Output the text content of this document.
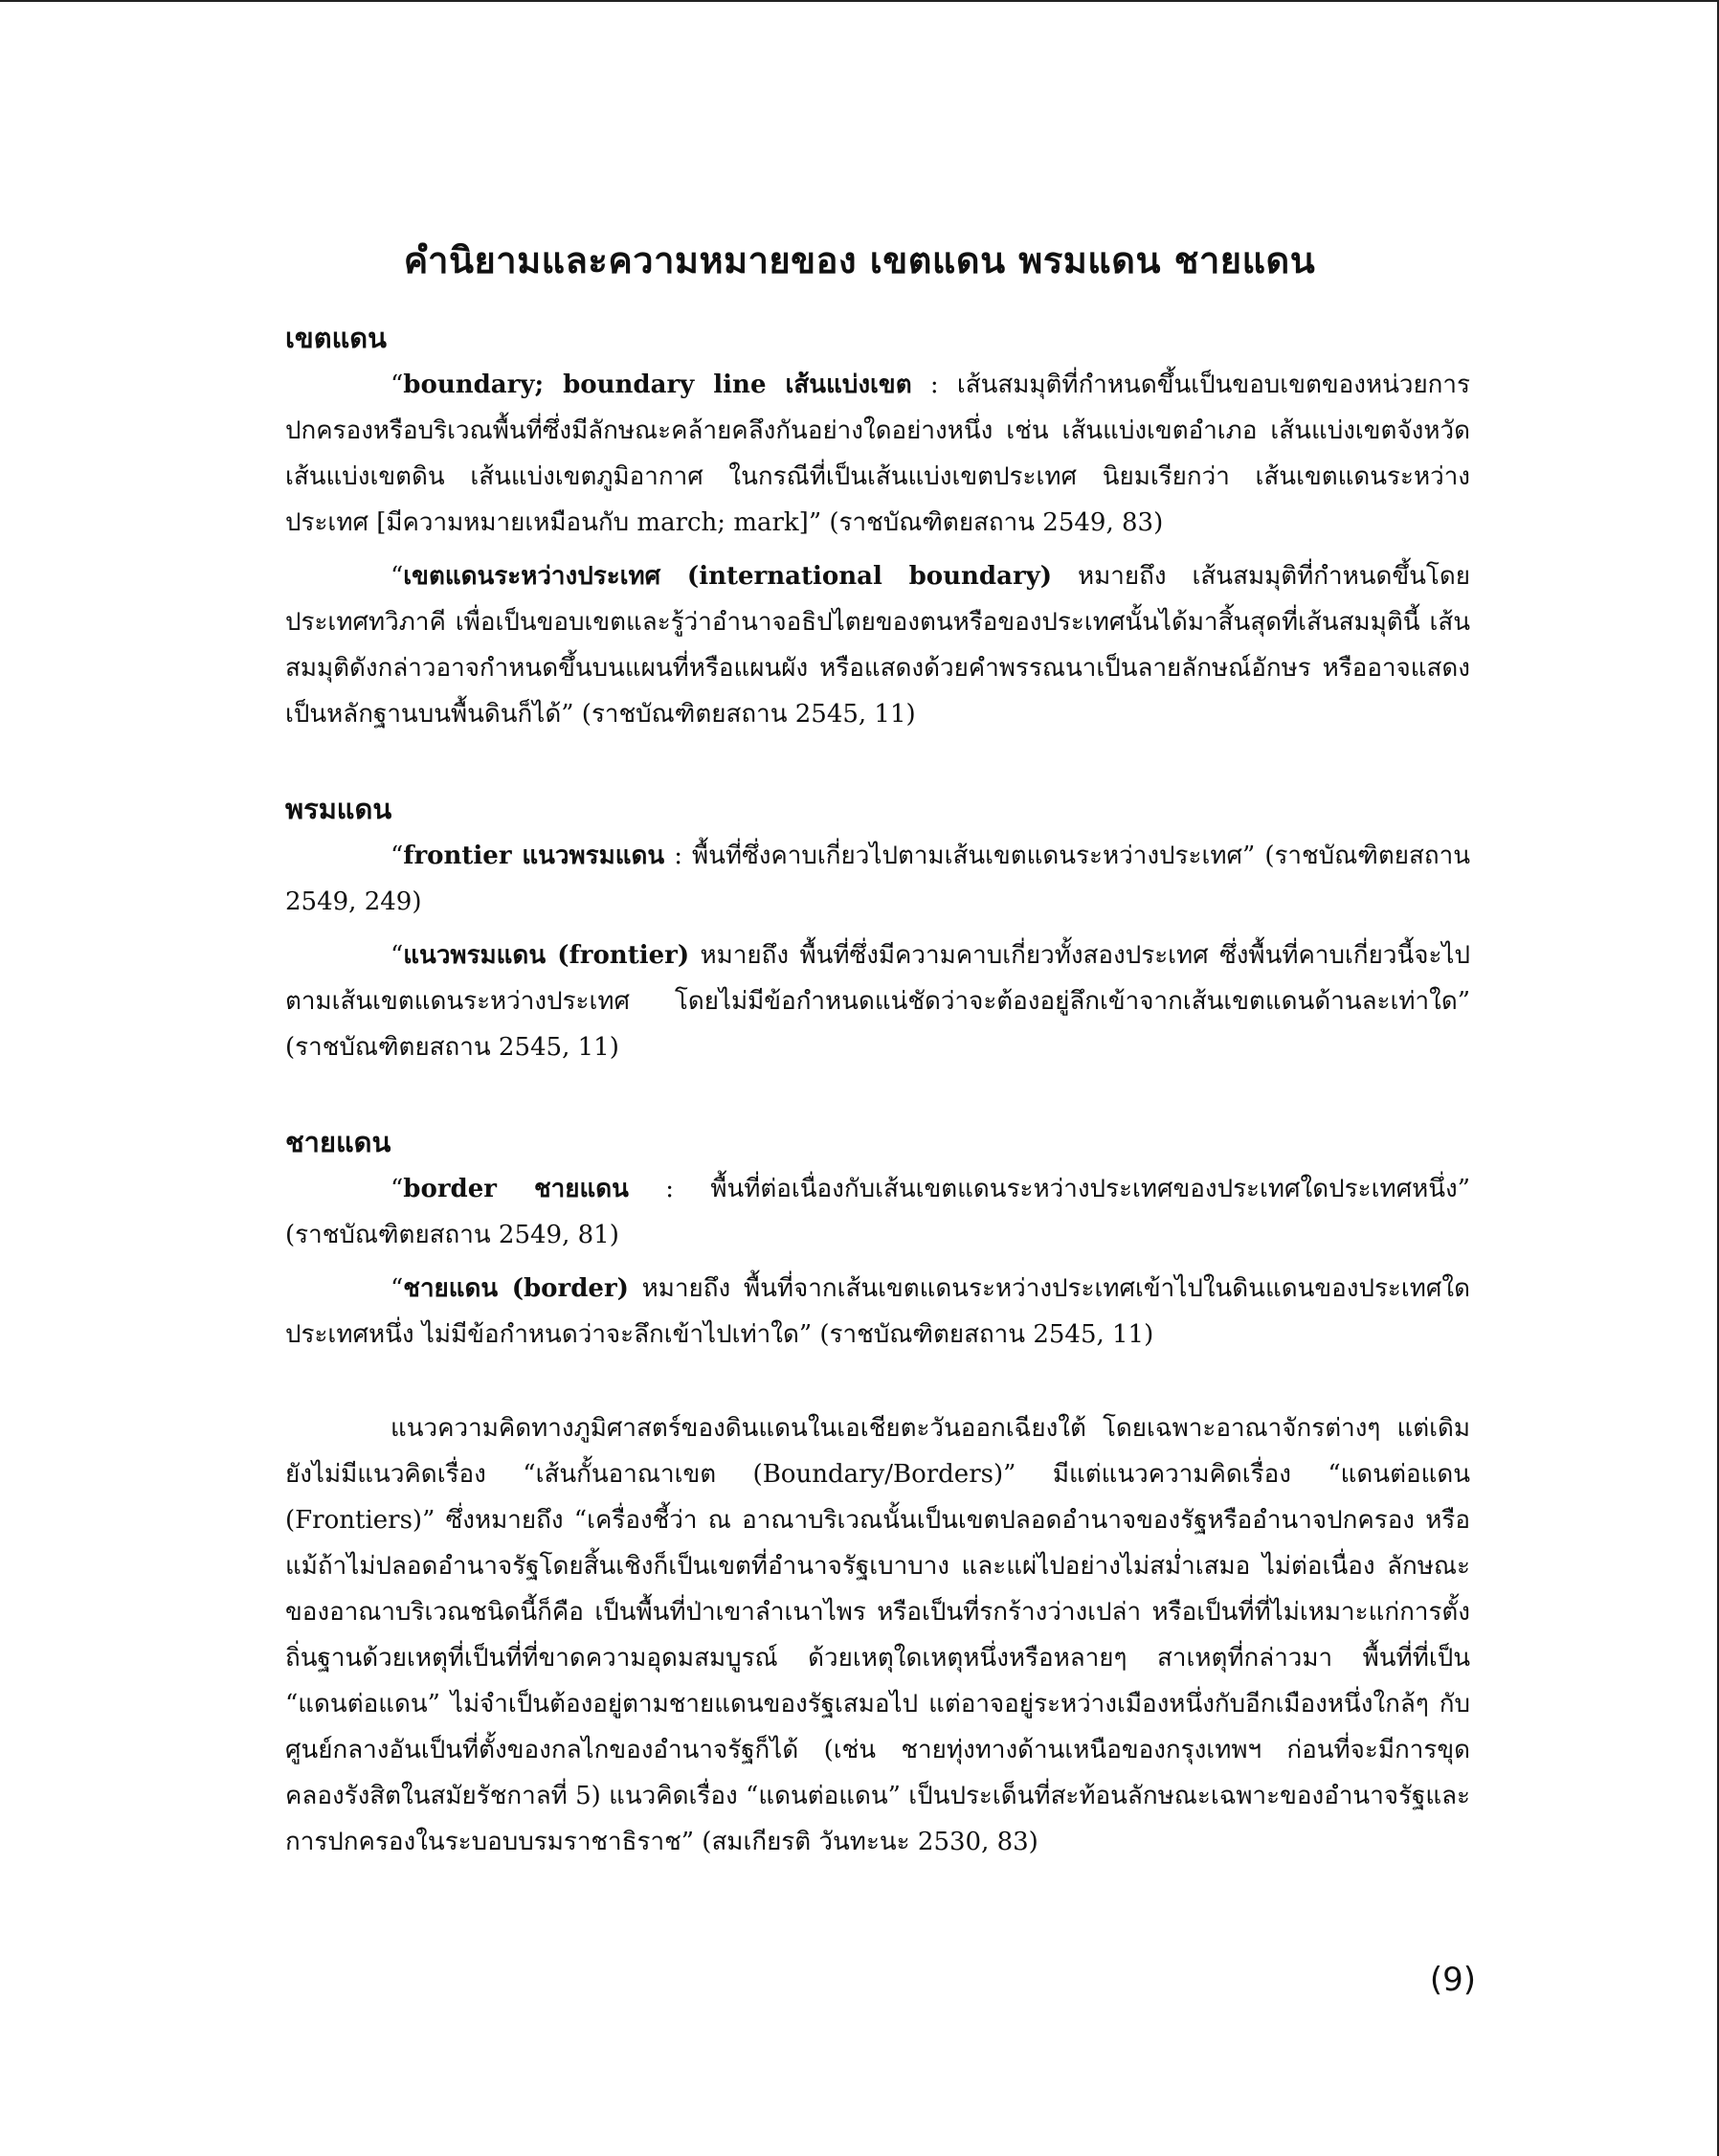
คำนิยามและความหมายของ เขตแดน พรมแดน ชายแดน
เขตแดน

“boundary; boundary line เส้นแบ่งเขต : เส้นสมมุติที่กำหนดขึ้นเป็นขอบเขตของหน่วยการปกครองหรือบริเวณพื้นที่ซึ่งมีลักษณะคล้ายคลึงกันอย่างใดอย่างหนึ่ง เช่น เส้นแบ่งเขตอำเภอ เส้นแบ่งเขตจังหวัด เส้นแบ่งเขตดิน เส้นแบ่งเขตภูมิอากาศ ในกรณีที่เป็นเส้นแบ่งเขตประเทศ นิยมเรียกว่า เส้นเขตแดนระหว่างประเทศ [มีความหมายเหมือนกับ march; mark]” (ราชบัณฑิตยสถาน 2549, 83)

“เขตแดนระหว่างประเทศ (international boundary) หมายถึง เส้นสมมุติที่กำหนดขึ้นโดยประเทศทวิภาคี เพื่อเป็นขอบเขตและรู้ว่าอำนาจอธิปไตยของตนหรือของประเทศนั้นได้มาสิ้นสุดที่เส้นสมมุตินี้ เส้นสมมุติดังกล่าวอาจกำหนดขึ้นบนแผนที่หรือแผนผัง หรือแสดงด้วยคำพรรณนาเป็นลายลักษณ์อักษร หรืออาจแสดงเป็นหลักฐานบนพื้นดินก็ได้” (ราชบัณฑิตยสถาน 2545, 11)

พรมแดน

“frontier แนวพรมแดน : พื้นที่ซึ่งคาบเกี่ยวไปตามเส้นเขตแดนระหว่างประเทศ” (ราชบัณฑิตยสถาน 2549, 249)

“แนวพรมแดน (frontier) หมายถึง พื้นที่ซึ่งมีความคาบเกี่ยวทั้งสองประเทศ ซึ่งพื้นที่คาบเกี่ยวนี้จะไปตามเส้นเขตแดนระหว่างประเทศ โดยไม่มีข้อกำหนดแน่ชัดว่าจะต้องอยู่ลึกเข้าจากเส้นเขตแดนด้านละเท่าใด” (ราชบัณฑิตยสถาน 2545, 11)

ชายแดน

“border ชายแดน : พื้นที่ต่อเนื่องกับเส้นเขตแดนระหว่างประเทศของประเทศใดประเทศหนึ่ง” (ราชบัณฑิตยสถาน 2549, 81)

“ชายแดน (border) หมายถึง พื้นที่จากเส้นเขตแดนระหว่างประเทศเข้าไปในดินแดนของประเทศใดประเทศหนึ่ง ไม่มีข้อกำหนดว่าจะลึกเข้าไปเท่าใด” (ราชบัณฑิตยสถาน 2545, 11)

แนวความคิดทางภูมิศาสตร์ของดินแดนในเอเชียตะวันออกเฉียงใต้ โดยเฉพาะอาณาจักรต่างๆ แต่เดิมยังไม่มีแนวคิดเรื่อง “เส้นกั้นอาณาเขต (Boundary/Borders)” มีแต่แนวความคิดเรื่อง “แดนต่อแดน (Frontiers)” ซึ่งหมายถึง “เครื่องชี้ว่า ณ อาณาบริเวณนั้นเป็นเขตปลอดอำนาจของรัฐหรืออำนาจปกครอง หรือแม้ถ้าไม่ปลอดอำนาจรัฐโดยสิ้นเชิงก็เป็นเขตที่อำนาจรัฐเบาบาง และแผ่ไปอย่างไม่สม่ำเสมอ ไม่ต่อเนื่อง ลักษณะของอาณาบริเวณชนิดนี้ก็คือ เป็นพื้นที่ป่าเขาลำเนาไพร หรือเป็นที่รกร้างว่างเปล่า หรือเป็นที่ที่ไม่เหมาะแก่การตั้งถิ่นฐานด้วยเหตุที่เป็นที่ที่ขาดความอุดมสมบูรณ์ ด้วยเหตุใดเหตุหนึ่งหรือหลายๆ สาเหตุที่กล่าวมา พื้นที่ที่เป็น “แดนต่อแดน” ไม่จำเป็นต้องอยู่ตามชายแดนของรัฐเสมอไป แต่อาจอยู่ระหว่างเมืองหนึ่งกับอีกเมืองหนึ่งใกล้ๆ กับศูนย์กลางอันเป็นที่ตั้งของกลไกของอำนาจรัฐก็ได้ (เช่น ชายทุ่งทางด้านเหนือของกรุงเทพฯ ก่อนที่จะมีการขุดคลองรังสิตในสมัยรัชกาลที่ 5) แนวคิดเรื่อง “แดนต่อแดน” เป็นประเด็นที่สะท้อนลักษณะเฉพาะของอำนาจรัฐและการปกครองในระบอบบรมราชาธิราช” (สมเกียรติ วันทะนะ 2530, 83)

(9)
